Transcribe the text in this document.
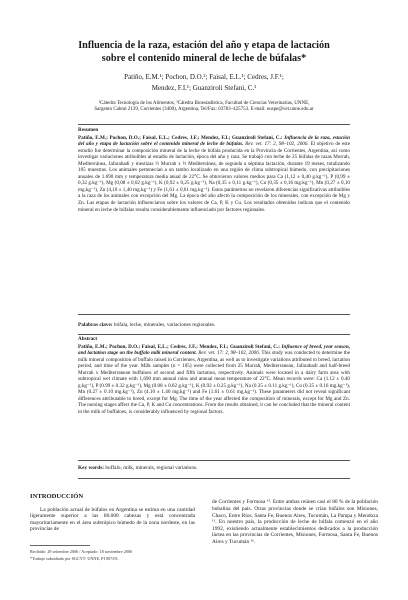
Influencia de la raza, estación del año y etapa de lactación
sobre el contenido mineral de leche de búfalas*
Patiño, E.M.¹; Pochon, D.O.²; Faisal, E.L.¹; Cedres, J.F.¹;
Mendez, F.I.¹; Guanziroli Stefani, C.¹
¹Cátedra Tecnología de los Alimentos, ²Cátedra Bioestadística, Facultad de Ciencias Veterinarias, UNNE,
Sargento Cabral 2139, Corrientes (3400), Argentina, Tel/Fax: 03783–425753. E-mail: euspe@vet.unne.edu.ar
Resumen

Patiño, E.M.; Pochon, D.O.; Faisal, E.L.; Cedres, J.F.; Mendez, F.I.; Guanziroli Stefani, C.: Influencia de la raza, estación del año y etapa de lactación sobre el contenido mineral de leche de búfalas. Rev. vet. 17: 2, 98–102, 2006. El objetivo de este estudio fue determinar la composición mineral de la leche de búfala producida en la Provincia de Corrientes, Argentina, así como investigar variaciones atribuibles al estadio de lactación, época del año y raza. Se trabajó con leche de 25 búfalas de razas Murrah, Mediterránea, Jafarabadi y mestizas ½ Murrah x ½ Mediterránea, de segunda a séptima lactación, durante 19 meses, totalizando 105 muestras. Los animales pertenecían a un tambo localizado en una región de clima subtropical húmedo, con precipitaciones anuales de 1.690 mm y temperatura media anual de 22°C. Se obtuvieron valores medios para Ca (1,12 ± 0,40 g.kg⁻¹), P (0,99 ± 0,32 g.kg⁻¹), Mg (0,08 ± 0,02 g.kg⁻¹), K (0,92 ± 0,25 g.kg⁻¹), Na (0,35 ± 0,11 g.kg⁻¹), Cu (0,35 ± 0,16 mg.kg⁻¹), Mn (0,27 ± 0,10 mg.kg⁻¹), Zn (4,10 ± 1,40 mg.kg⁻¹) y Fe (1,61 ± 0,61 mg.kg⁻¹). Estos parámetros no revelaron diferencias significativas atribuibles a la raza de los animales con excepción del Mg. La época del año afectó la composición de los minerales, con excepción de Mg y Zn. Las etapas de lactación influenciaron sobre los valores de Ca, P, K y Cu. Los resultados obtenidos indican que el contenido mineral en leche de búfalas resulta considerablemente influenciado por factores regionales.

Palabras clave: búfala, leche, minerales, variaciones regionales.
Abstract

Patiño, E.M.; Pochon, D.O.; Faisal, E.L.; Cedres, J.F.; Mendez, F.I.; Guanziroli Stefani, C.: Influence of breed, year season, and lactation stage on the buffalo milk mineral content. Rev. vet. 17: 2, 98–102, 2006. This study was conducted to determine the milk mineral composition of buffalo raised in Corrientes, Argentina, as well as to investigate variations attributed to breed, lactation period, and time of the year. Milk samples (n = 105) were collected from 25 Murrah, Mediterranean, Jafarabadi and half-breed Murrah x Mediterranean buffaloes of second and fifth lactation, respectively. Animals were located in a dairy farm area with subtropical wet climate with 1,690 mm annual rains and annual mean temperature of 22°C. Mean records were: Ca (1.12 ± 0.40 g.kg⁻¹), P (0.99 ± 0.32 g.kg⁻¹), Mg (0.08 ± 0.02 g.kg⁻¹), K (0.92 ± 0.25 g.kg⁻¹), Na (0.35 ± 0.11 g.kg⁻¹), Cu (0.35 ± 0.16 mg.kg⁻¹), Mn (0.27 ± 0.10 mg.kg⁻¹), Zn (4.10 ± 1.40 mg.kg⁻¹) and Fe (1.61 ± 0.61 mg.kg⁻¹). These parameters did not reveal significant differences attributable to breed, except for Mg. The time of the year affected the composition of minerals, except for Mg and Zn. The nursing stages affect the Ca, P, K and Cu concentrations. From the results obtained, it can be concluded that the mineral content in the milk of buffaloes, is considerably influenced by regional factors.

Key words: buffalo, milk, minerals, regional variations.
INTRODUCCIÓN

La población actual de búfalos en Argentina se estima en una cantidad ligeramente superior a las 80.000 cabezas y está concentrada mayoritariamente en el área subtrópico húmedo de la zona nordeste, en las provincias de

Recibido: 29 setiembre 2006 / Aceptado: 18 noviembre 2006
*Trabajo subsidiado por SGCYT- UNNE, PI 007/03.

de Corrientes y Formosa ¹³. Entre ambas reúnen casi el 80 % de la población bubalina del país. Otras provincias donde se crían búfalos son Misiones, Chaco, Entre Ríos, Santa Fe, Buenos Aires, Tucumán, La Pampa y Mendoza ¹¹. En nuestro país, la producción de leche de búfala comenzó en el año 1992, existiendo actualmente establecimientos dedicados a la producción láctea en las provincias de Corrientes, Misiones, Formosa, Santa Fe, Buenos Aires y Tucumán ¹⁶.
